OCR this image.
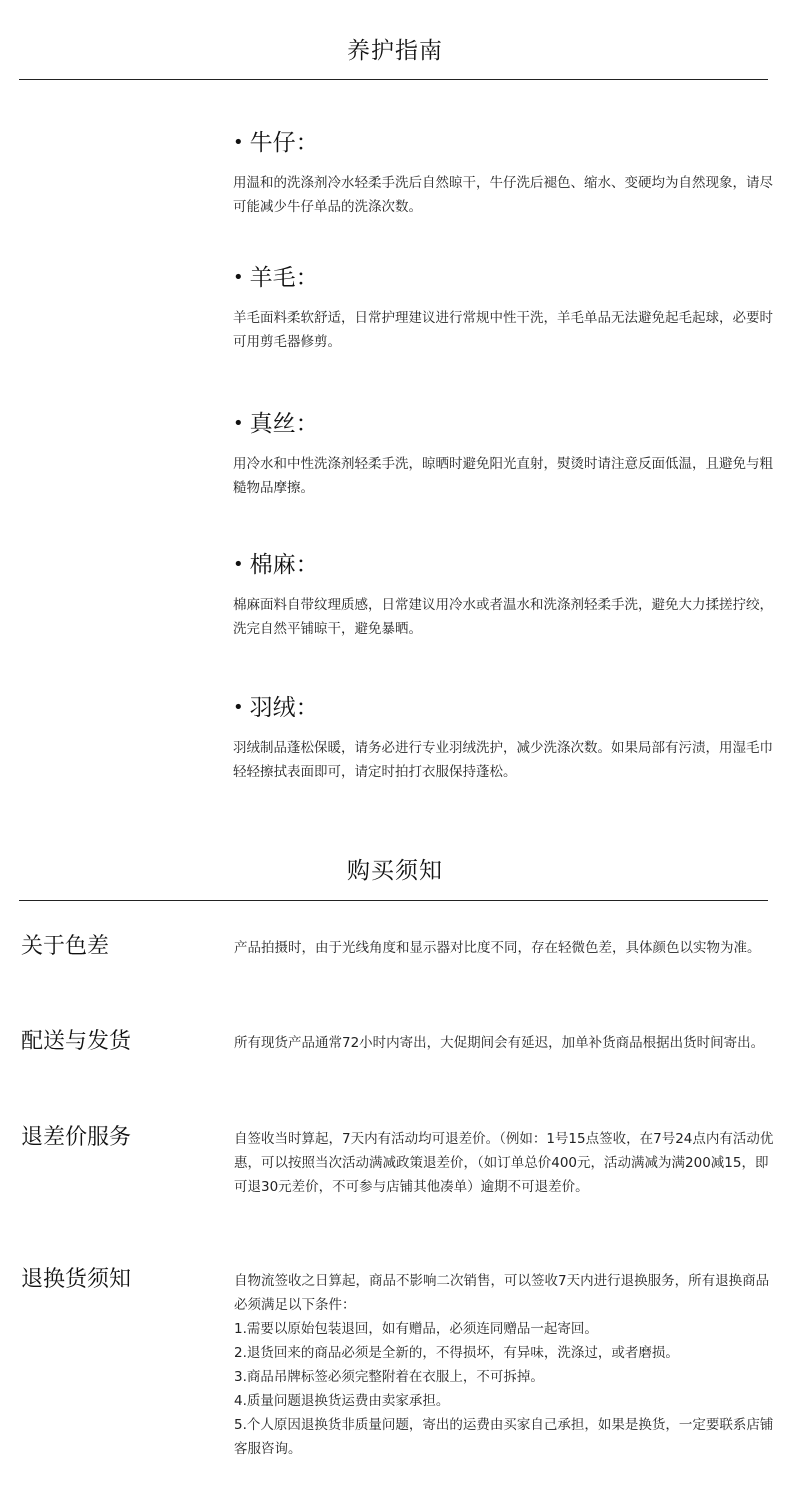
养护指南
• 牛仔：
用温和的洗涤剂冷水轻柔手洗后自然晾干，牛仔洗后褪色、缩水、变硬均为自然现象，请尽可能减少牛仔单品的洗涤次数。
• 羊毛：
羊毛面料柔软舒适，日常护理建议进行常规中性干洗，羊毛单品无法避免起毛起球，必要时可用剪毛器修剪。
• 真丝：
用冷水和中性洗涤剂轻柔手洗，晾晒时避免阳光直射，熨烫时请注意反面低温，且避免与粗糙物品摩擦。
• 棉麻：
棉麻面料自带纹理质感，日常建议用冷水或者温水和洗涤剂轻柔手洗，避免大力揉搓拧绞，洗完自然平铺晾干，避免暴晒。
• 羽绒：
羽绒制品蓬松保暖，请务必进行专业羽绒洗护，减少洗涤次数。如果局部有污渍，用湿毛巾轻轻擦拭表面即可，请定时拍打衣服保持蓬松。
购买须知
关于色差	产品拍摄时，由于光线角度和显示器对比度不同，存在轻微色差，具体颜色以实物为准。
配送与发货	所有现货产品通常72小时内寄出，大促期间会有延迟，加单补货商品根据出货时间寄出。
退差价服务	自签收当时算起，7天内有活动均可退差价。（例如：1号15点签收，在7号24点内有活动优惠，可以按照当次活动满减政策退差价，（如订单总价400元，活动满减为满200减15，即可退30元差价，不可参与店铺其他凑单）逾期不可退差价。
退换货须知	自物流签收之日算起，商品不影响二次销售，可以签收7天内进行退换服务，所有退换商品必须满足以下条件：
1.需要以原始包装退回，如有赠品，必须连同赠品一起寄回。
2.退货回来的商品必须是全新的，不得损坏，有异味，洗涤过，或者磨损。
3.商品吊牌标签必须完整附着在衣服上，不可拆掉。
4.质量问题退换货运费由卖家承担。
5.个人原因退换货非质量问题，寄出的运费由买家自己承担，如果是换货，一定要联系店铺客服咨询。
